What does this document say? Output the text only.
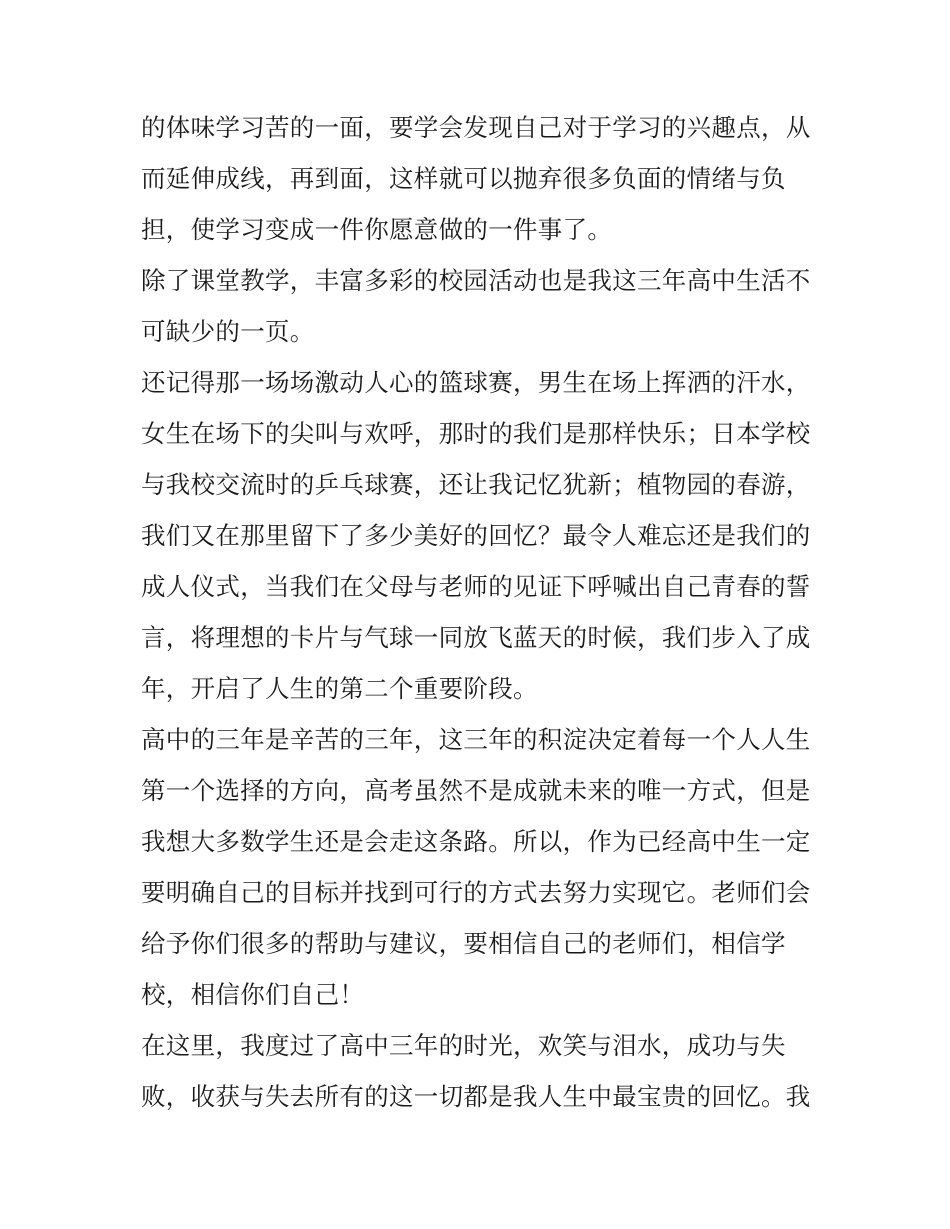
的体味学习苦的一面，要学会发现自己对于学习的兴趣点，从
而延伸成线，再到面，这样就可以抛弃很多负面的情绪与负
担，使学习变成一件你愿意做的一件事了。
除了课堂教学，丰富多彩的校园活动也是我这三年高中生活不
可缺少的一页。
还记得那一场场激动人心的篮球赛，男生在场上挥洒的汗水，
女生在场下的尖叫与欢呼，那时的我们是那样快乐；日本学校
与我校交流时的乒乓球赛，还让我记忆犹新；植物园的春游，
我们又在那里留下了多少美好的回忆？最令人难忘还是我们的
成人仪式，当我们在父母与老师的见证下呼喊出自己青春的誓
言，将理想的卡片与气球一同放飞蓝天的时候，我们步入了成
年，开启了人生的第二个重要阶段。
高中的三年是辛苦的三年，这三年的积淀决定着每一个人人生
第一个选择的方向，高考虽然不是成就未来的唯一方式，但是
我想大多数学生还是会走这条路。所以，作为已经高中生一定
要明确自己的目标并找到可行的方式去努力实现它。老师们会
给予你们很多的帮助与建议，要相信自己的老师们，相信学
校，相信你们自己！
在这里，我度过了高中三年的时光，欢笑与泪水，成功与失
败，收获与失去所有的这一切都是我人生中最宝贵的回忆。我
